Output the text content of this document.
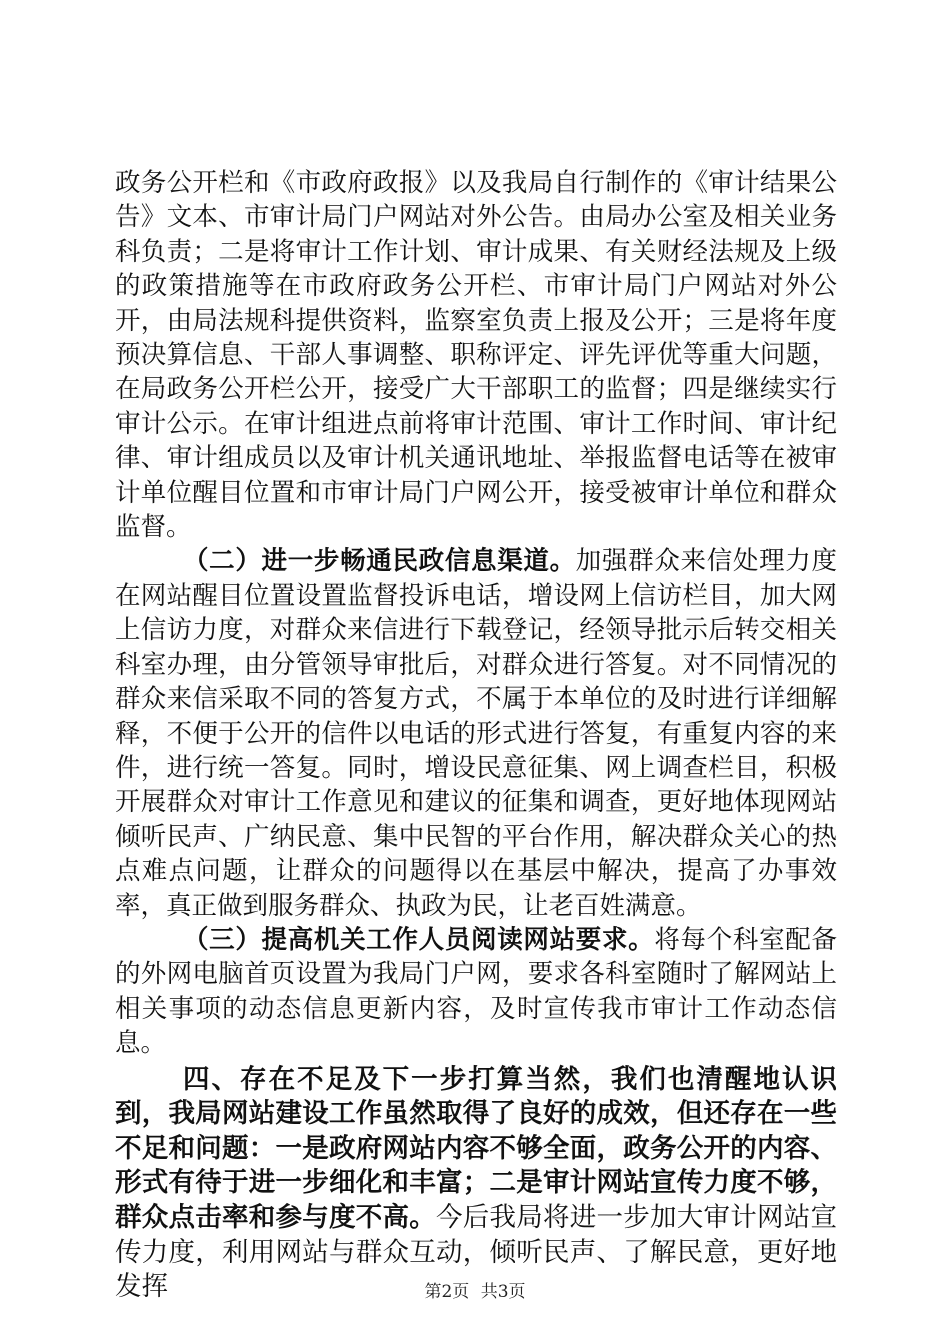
政务公开栏和《市政府政报》以及我局自行制作的《审计结果公告》文本、市审计局门户网站对外公告。由局办公室及相关业务科负责；二是将审计工作计划、审计成果、有关财经法规及上级的政策措施等在市政府政务公开栏、市审计局门户网站对外公开，由局法规科提供资料，监察室负责上报及公开；三是将年度预决算信息、干部人事调整、职称评定、评先评优等重大问题，在局政务公开栏公开，接受广大干部职工的监督；四是继续实行审计公示。在审计组进点前将审计范围、审计工作时间、审计纪律、审计组成员以及审计机关通讯地址、举报监督电话等在被审计单位醒目位置和市审计局门户网公开，接受被审计单位和群众监督。

（二）进一步畅通民政信息渠道。加强群众来信处理力度在网站醒目位置设置监督投诉电话，增设网上信访栏目，加大网上信访力度，对群众来信进行下载登记，经领导批示后转交相关科室办理，由分管领导审批后，对群众进行答复。对不同情况的群众来信采取不同的答复方式，不属于本单位的及时进行详细解释，不便于公开的信件以电话的形式进行答复，有重复内容的来件，进行统一答复。同时，增设民意征集、网上调查栏目，积极开展群众对审计工作意见和建议的征集和调查，更好地体现网站倾听民声、广纳民意、集中民智的平台作用，解决群众关心的热点难点问题，让群众的问题得以在基层中解决，提高了办事效率，真正做到服务群众、执政为民，让老百姓满意。

（三）提高机关工作人员阅读网站要求。将每个科室配备的外网电脑首页设置为我局门户网，要求各科室随时了解网站上相关事项的动态信息更新内容，及时宣传我市审计工作动态信息。

四、存在不足及下一步打算当然，我们也清醒地认识到，我局网站建设工作虽然取得了良好的成效，但还存在一些不足和问题：一是政府网站内容不够全面，政务公开的内容、形式有待于进一步细化和丰富；二是审计网站宣传力度不够，群众点击率和参与度不高。今后我局将进一步加大审计网站宣传力度，利用网站与群众互动，倾听民声、了解民意，更好地发挥	第2页 共3页
